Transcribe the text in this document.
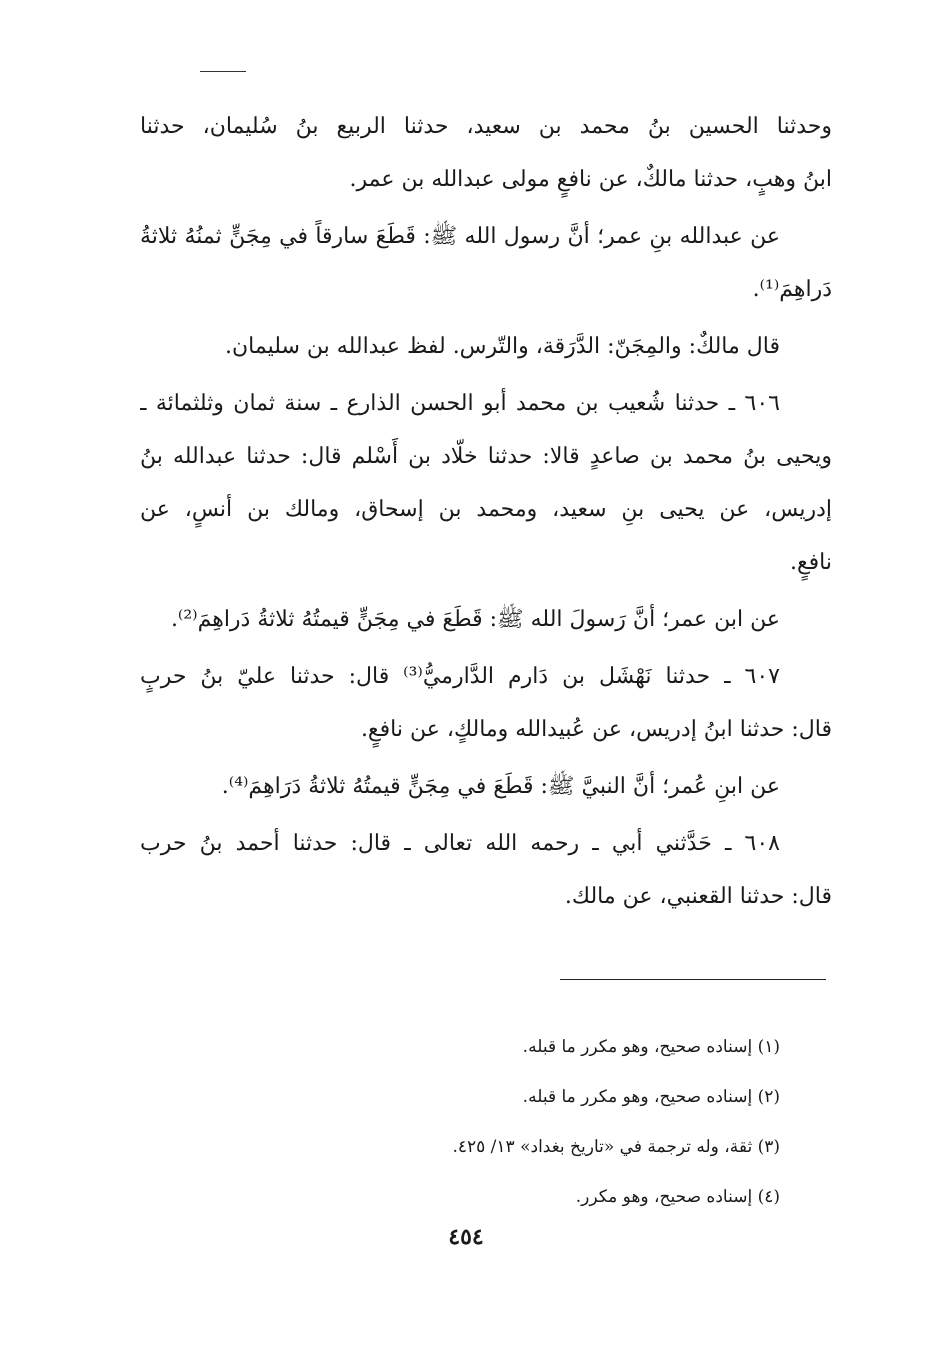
وحدثنا الحسين بنُ محمد بن سعيد، حدثنا الربيع بنُ سُليمان، حدثنا
ابنُ وهبٍ، حدثنا مالكٌ، عن نافعٍ مولى عبدالله بن عمر.
عن عبدالله بنِ عمر؛ أنَّ رسول الله ﷺ: قَطَعَ سارقاً في مِجَنٍّ ثمنُهُ ثلاثةُ
دَراهِمَ⁽¹⁾.
قال مالكٌ: والمِجَنّ: الدَّرَقة، والتّرس. لفظ عبدالله بن سليمان.
٦٠٦ ـ حدثنا شُعيب بن محمد أبو الحسن الذارع ـ سنة ثمان وثلثمائة ـ
ويحيى بنُ محمد بن صاعدٍ قالا: حدثنا خلّاد بن أَسْلم قال: حدثنا عبدالله بنُ
إدريس، عن يحيى بنِ سعيد، ومحمد بن إسحاق، ومالك بن أنسٍ، عن
نافعٍ.
عن ابن عمر؛ أنَّ رَسولَ الله ﷺ: قَطَعَ في مِجَنٍّ قيمتُهُ ثلاثةُ دَراهِمَ⁽²⁾.
٦٠٧ ـ حدثنا نَهْشَل بن دَارم الدَّارميُّ⁽³⁾ قال: حدثنا عليّ بنُ حربٍ
قال: حدثنا ابنُ إدريس، عن عُبيدالله ومالكٍ، عن نافعٍ.
عن ابنِ عُمر؛ أنَّ النبيَّ ﷺ: قَطَعَ في مِجَنٍّ قيمتُهُ ثلاثةُ دَرَاهِمَ⁽⁴⁾.
٦٠٨ ـ حَدَّثني أبي ـ رحمه الله تعالى ـ قال: حدثنا أحمد بنُ حرب
قال: حدثنا القعنبي، عن مالك.
(١) إسناده صحيح، وهو مكرر ما قبله.
(٢) إسناده صحيح، وهو مكرر ما قبله.
(٣) ثقة، وله ترجمة في «تاريخ بغداد» ١٣/ ٤٢٥.
(٤) إسناده صحيح، وهو مكرر.
٤٥٤
